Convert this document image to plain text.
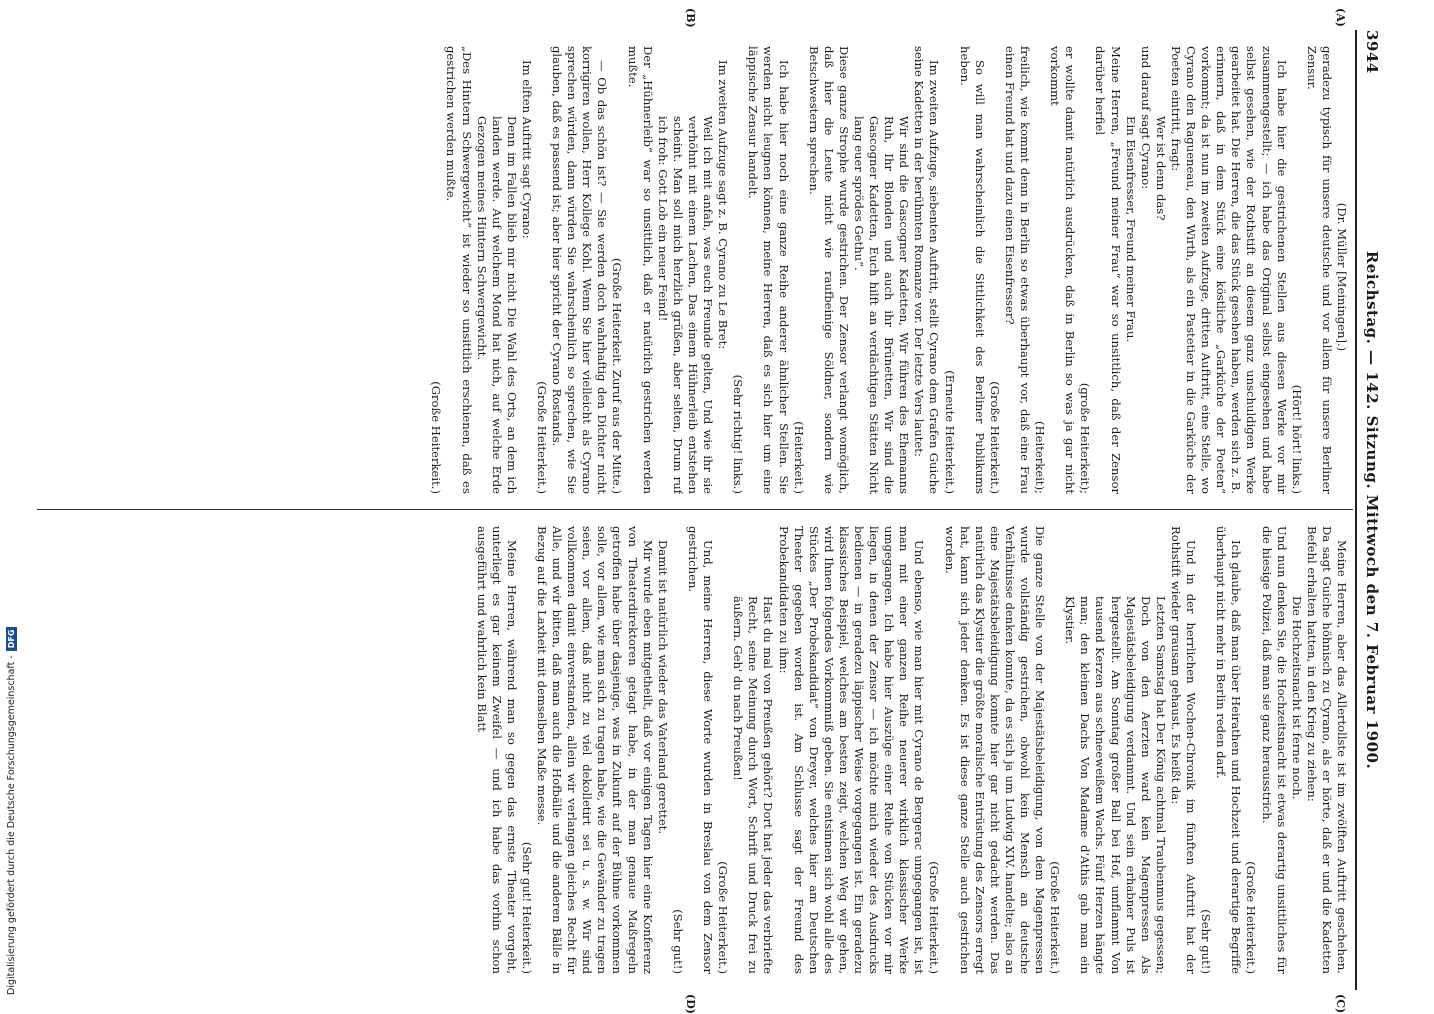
3944
Reichstag. — 142. Sitzung. Mittwoch den 7. Februar 1900.
(A)
(B)
(C)
(D)

(Dr. Müller [Meiningen].)

geradezu typisch für unsere deutsche und vor allem für unsere Berliner Zensur.

(Hört! hört! links.)

Ich habe hier die gestrichenen Stellen aus diesen Werke vor mir zusammengestellt; — ich habe das Original selbst eingesehen und habe selbst gesehen, wie der Rothstift an diesem ganz unschuldigen Werke gearbeitet hat. Die Herren, die das Stück gesehen haben, werden sich z. B. erinnern, daß in dem Stück eine köstliche „Garküche der Poeten“ vorkommt; da ist nun im zweiten Aufzuge, dritten Auftritt, eine Stelle, wo Cyrano den Ragueneau, den Wirth, als ein Pastetier in die Garküche der Poeten eintritt, fragt:

Wer ist denn das?

und darauf sagt Cyrano:

Ein Eisenfresser, Freund meiner Frau.

Meine Herren, „Freund meiner Frau“ war so unsittlich, daß der Zensor darüber herfiel

(große Heiterkeit);

er wollte damit natürlich ausdrücken, daß in Berlin so was ja gar nicht vorkommt

(Heiterkeit);

freilich, wie kommt denn in Berlin so etwas überhaupt vor, daß eine Frau einen Freund hat und dazu einen Eisenfresser?

(Große Heiterkeit.)

So will man wahrscheinlich die Sittlichkeit des Berliner Publikums heben.

(Erneute Heiterkeit.)

Im zweiten Aufzuge, siebenten Auftritt, stellt Cyrano dem Grafen Guiche seine Kadetten in der berühmten Romanze vor. Der letzte Vers lautet:

Wir sind die Gascogner Kadetten, Wir führen des Ehemanns Ruh, Ihr Blonden und auch ihr Brünetten, Wir sind die Gascogner Kadetten, Euch hilft an verdächtigen Stätten Nicht lang euer sprödes Gethu“.

Diese ganze Strophe wurde gestrichen. Der Zensor verlangt womöglich, daß hier die Leute nicht wie raufbeinige Söldner, sondern wie Betschwestern sprechen.

(Heiterkeit.)

Ich habe hier noch eine ganze Reihe anderer ähnlicher Stellen. Sie werden nicht leugnen können, meine Herren, daß es sich hier um eine läppische Zensur handelt.

(Sehr richtig! links.)

Im zweiten Aufzuge sagt z. B. Cyrano zu Le Bret:

Weil ich mit anfah, was euch Freunde gelten, Und wie ihr sie verhöhnt mit einem Lachen, Das einem Hühnerleib entstehen scheint. Man soll mich herzlich grüßen, aber selten, Drum ruf ich froh: Gott Lob ein neuer Feind!

Der „Hühnerleib“ war so unsittlich, daß er natürlich gestrichen werden mußte.

(Große Heiterkeit. Zuruf aus der Mitte.)

— Ob das schön ist? — Sie werden doch wahrhaftig den Dichter nicht korrigiren wollen, Herr Kollege Kohl. Wenn Sie hier vielleicht als Cyrano sprechen würden, dann würden Sie wahrscheinlich so sprechen, wie Sie glauben, daß es passend ist; aber hier spricht der Cyrano Rostands.

(Große Heiterkeit.)

Im elften Auftritt sagt Cyrano:

Denn im Fallen blieb mir nicht Die Wahl des Orts, an dem ich landen werde. Auf welchem Mond hat nich, auf welche Erde Gezogen meines Hintern Schwergewicht.

„Des Hintern Schwergewicht“ ist wieder so unsittlich erschienen, daß es gestrichen werden mußte.

(Große Heiterkeit.)

Meine Herren, aber das Allertollste ist im zwölften Auftritt geschehen. Da sagt Guiche höhnisch zu Cyrano, als er hörte, daß er und die Kadetten Befehl erhalten hatten, in den Krieg zu ziehen:

Die Hochzeitsnacht ist ferne noch.

Und nun denken Sie, die Hochzeitsnacht ist etwas derartig unsittliches für die hiesige Polizei, daß man sie ganz herausstrich.

(Große Heiterkeit.)

Ich glaube, daß man über Heirathen und Hochzeit und derartige Begriffe überhaupt nicht mehr in Berlin reden darf.

(Sehr gut!)

Und in der herrlichen Wochen-Chronik im fünften Auftritt hat der Rothstift wieder grausam gehaust. Es heißt da:

Letzten Samstag hat Der König achtmal Traubenmus gegessen; Doch von den Aerzten ward kein Magenpressen Als Majestätsbeleidigung verdammt. Und sein erhabner Puls ist hergestellt. Am Sonntag großer Ball bei Hof, umflammt Von tausend Kerzen aus schneeweißem Wachs. Fünf Herzen hängte man; den kleinen Dachs Von Madame d'Athis gab man ein Klystier.

(Große Heiterkeit.)

Die ganze Stelle von der Majestätsbeleidigung, von dem Magenpressen wurde vollständig gestrichen, obwohl kein Mensch an deutsche Verhältnisse denken konnte, da es sich ja um Ludwig XIV. handelte; also an eine Majestätsbeleidigung konnte hier gar nicht gedacht werden. Das natürlich das Klystier die größte moralische Entrüstung des Zensors erregt hat, kann sich jeder denken. Es ist diese ganze Stelle auch gestrichen worden.

(Große Heiterkeit.)

Und ebenso, wie man hier mit Cyrano de Bergerac umgegangen ist, ist man mit einer ganzen Reihe neuerer wirklich klassischer Werke umgegangen. Ich habe hier Auszüge einer Reihe von Stücken vor mir liegen, in denen der Zensor — ich möchte mich wieder des Ausdrucks bedienen — in geradezu läppischer Weise vorgegangen ist. Ein geradezu klassisches Beispiel, welches am besten zeigt, welchen Weg wir gehen, wird Ihnen folgendes Vorkommniß geben. Sie entsinnen sich wohl alle des Stückes „Der Probekandidat“ von Dreyer, welches hier am Deutschen Theater gegeben worden ist. Am Schlusse sagt der Freund des Probekandidaten zu ihm:

Hast du mal von Preußen gehört? Dort hat jeder das verbriefte Recht, seine Meinung durch Wort, Schrift und Druck frei zu äußern. Geh' du nach Preußen!

(Große Heiterkeit.)

Und, meine Herren, diese Worte wurden in Breslau von dem Zensor gestrichen.

(Sehr gut!)

Damit ist natürlich wieder das Vaterland gerettet.

Mir wurde eben mitgetheilt, daß vor einigen Tagen hier eine Konferenz von Theaterdirektoren getagt habe, in der man genaue Maßregeln getroffen habe über dasjenige, was in Zukunft auf der Bühne vorkommen solle, vor allem, wie man sich zu tragen habe, wie die Gewänder zu tragen seien, vor allem, daß nicht zu viel dekolletirt sei u. s. w. Wir sind vollkommen damit einverstanden, allein wir verlangen gleiches Recht für Alle, und wir bitten, daß man auch die Hofbälle und die anderen Bälle in Bezug auf die Laxheit mit demselben Maße messe.

(Sehr gut! Heiterkeit.)

Meine Herren, während man so gegen das ernste Theater vorgeht, unterliegt es gar keinem Zweifel — und ich habe das vorhin schon ausgeführt und wahrlich kein Blatt

Digitalisierung gefördert durch die Deutsche Forschungsgemeinschaft -
DFG
